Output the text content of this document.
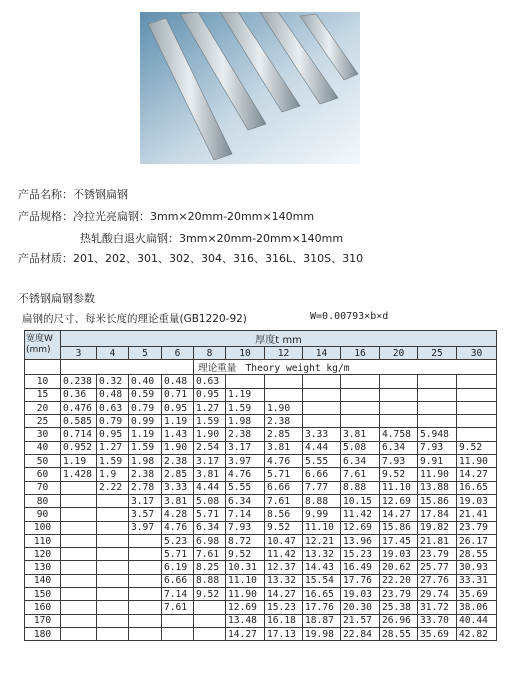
产品名称：不锈钢扁钢
产品规格：冷拉光亮扁钢：3mm×20mm-20mm×140mm
热轧酸白退火扁钢：3mm×20mm-20mm×140mm
产品材质：201、202、301、302、304、316、316L、310S、310
不锈钢扁钢参数
扁钢的尺寸、每米长度的理论重量(GB1220-92)	W=0.00793×b×d
宽度W
(mm)	厚度t mm											
	3	4	5	6	8	10	12	14	16	20	25	30
					理论重量 Theory weight kg/m							
10	0.238	0.32	0.40	0.48	0.63							
15	0.36	0.48	0.59	0.71	0.95	1.19						
20	0.476	0.63	0.79	0.95	1.27	1.59	1.90					
25	0.585	0.79	0.99	1.19	1.59	1.98	2.38					
30	0.714	0.95	1.19	1.43	1.90	2.38	2.85	3.33	3.81	4.758	5.948	
40	0.952	1.27	1.59	1.90	2.54	3.17	3.81	4.44	5.08	6.34	7.93	9.52
50	1.19	1.59	1.98	2.38	3.17	3.97	4.76	5.55	6.34	7.93	9.91	11.90
60	1.428	1.9	2.38	2.85	3.81	4.76	5.71	6.66	7.61	9.52	11.90	14.27
70		2.22	2.78	3.33	4.44	5.55	6.66	7.77	8.88	11.10	13.88	16.65
80			3.17	3.81	5.08	6.34	7.61	8.88	10.15	12.69	15.86	19.03
90			3.57	4.28	5.71	7.14	8.56	9.99	11.42	14.27	17.84	21.41
100			3.97	4.76	6.34	7.93	9.52	11.10	12.69	15.86	19.82	23.79
110				5.23	6.98	8.72	10.47	12.21	13.96	17.45	21.81	26.17
120				5.71	7.61	9.52	11.42	13.32	15.23	19.03	23.79	28.55
130				6.19	8.25	10.31	12.37	14.43	16.49	20.62	25.77	30.93
140				6.66	8.88	11.10	13.32	15.54	17.76	22.20	27.76	33.31
150				7.14	9.52	11.90	14.27	16.65	19.03	23.79	29.74	35.69
160				7.61		12.69	15.23	17.76	20.30	25.38	31.72	38.06
170						13.48	16.18	18.87	21.57	26.96	33.70	40.44
180						14.27	17.13	19.98	22.84	28.55	35.69	42.82
